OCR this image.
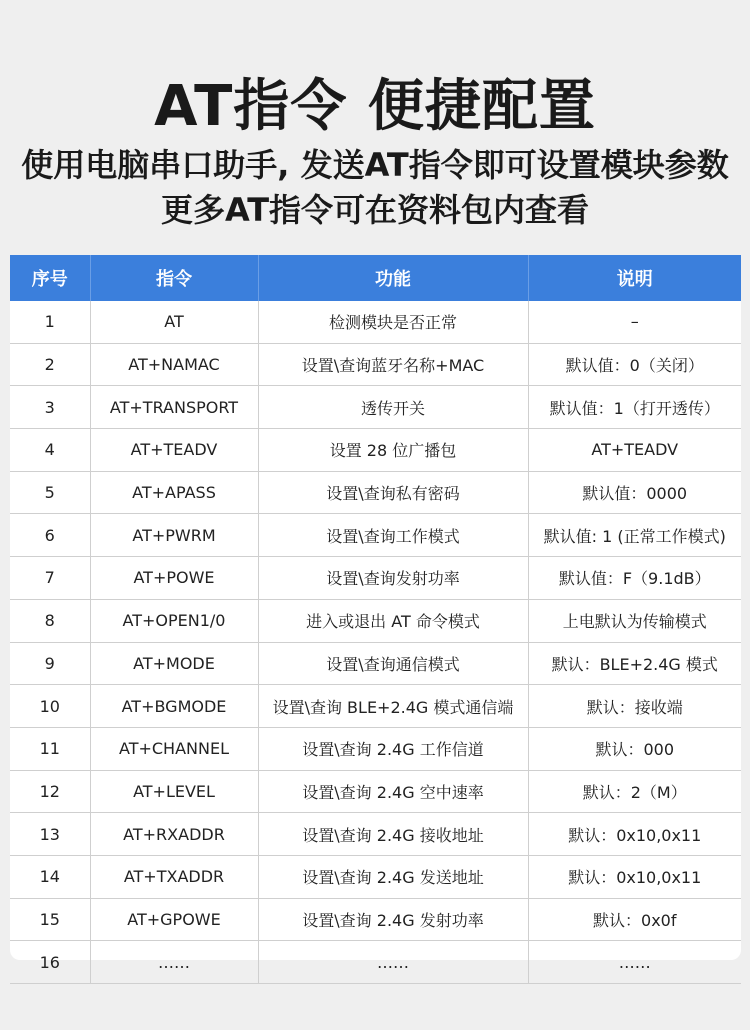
AT指令 便捷配置
使用电脑串口助手, 发送AT指令即可设置模块参数
更多AT指令可在资料包内查看
序号	指令	功能	说明
1	AT	检测模块是否正常	–
2	AT+NAMAC	设置\查询蓝牙名称+MAC	默认值：0（关闭）
3	AT+TRANSPORT	透传开关	默认值：1（打开透传）
4	AT+TEADV	设置 28 位广播包	AT+TEADV
5	AT+APASS	设置\查询私有密码	默认值：0000
6	AT+PWRM	设置\查询工作模式	默认值: 1 (正常工作模式)
7	AT+POWE	设置\查询发射功率	默认值：F（9.1dB）
8	AT+OPEN1/0	进入或退出 AT 命令模式	上电默认为传输模式
9	AT+MODE	设置\查询通信模式	默认：BLE+2.4G 模式
10	AT+BGMODE	设置\查询 BLE+2.4G 模式通信端	默认：接收端
11	AT+CHANNEL	设置\查询 2.4G 工作信道	默认：000
12	AT+LEVEL	设置\查询 2.4G 空中速率	默认：2（M）
13	AT+RXADDR	设置\查询 2.4G 接收地址	默认：0x10,0x11
14	AT+TXADDR	设置\查询 2.4G 发送地址	默认：0x10,0x11
15	AT+GPOWE	设置\查询 2.4G 发射功率	默认：0x0f
16	……	……	……
